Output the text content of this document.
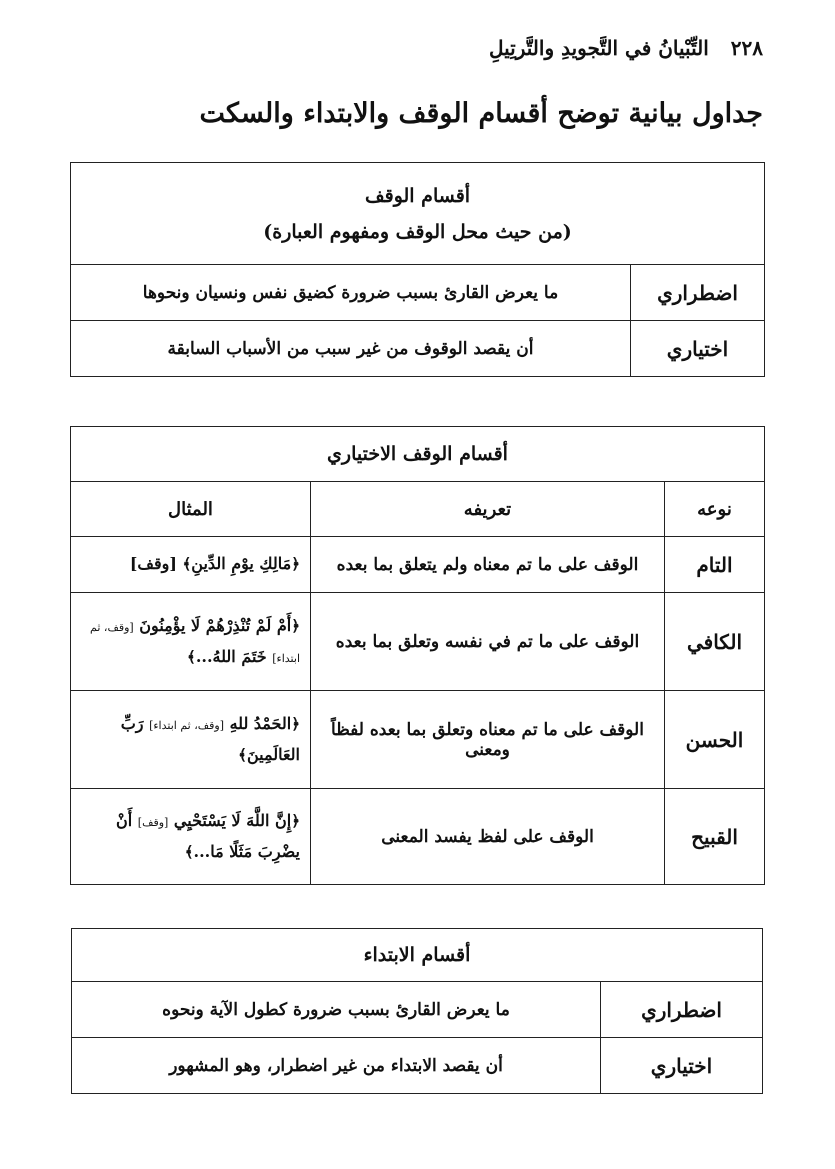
٢٢٨
التِّبْيانُ في التَّجويدِ والتَّرتِيلِ
جداول بيانية توضح أقسام الوقف والابتداء والسكت
أقسام الوقف
(من حيث محل الوقف ومفهوم العبارة)	

اضطراري	ما يعرض القارئ بسبب ضرورة كضيق نفس ونسيان ونحوها
اختياري	أن يقصد الوقوف من غير سبب من الأسباب السابقة
أقسام الوقف الاختياري		
نوعه	تعريفه	المثال
التام	الوقف على ما تم معناه ولم يتعلق بما بعده	﴿مَالِكِ يوْمِ الدِّينِ﴾ [وقف]
الكافي	الوقف على ما تم في نفسه وتعلق بما بعده	﴿أَمْ لَمْ تُنْذِرْهُمْ لَا يؤْمِنُونَ [وقف، ثم ابتداء] خَتَمَ اللهُ...﴾
الحسن	الوقف على ما تم معناه وتعلق بما بعده لفظاً ومعنى	﴿الحَمْدُ للهِ [وقف، ثم ابتداء] رَبِّ العَالَمِينَ﴾
القبيح	الوقف على لفظ يفسد المعنى	﴿إِنَّ اللَّهَ لَا يَسْتَحْيِي [وقف] أَنْ يضْرِبَ مَثَلًا مَا...﴾
أقسام الابتداء	
اضطراري	ما يعرض القارئ بسبب ضرورة كطول الآية ونحوه
اختياري	أن يقصد الابتداء من غير اضطرار، وهو المشهور
